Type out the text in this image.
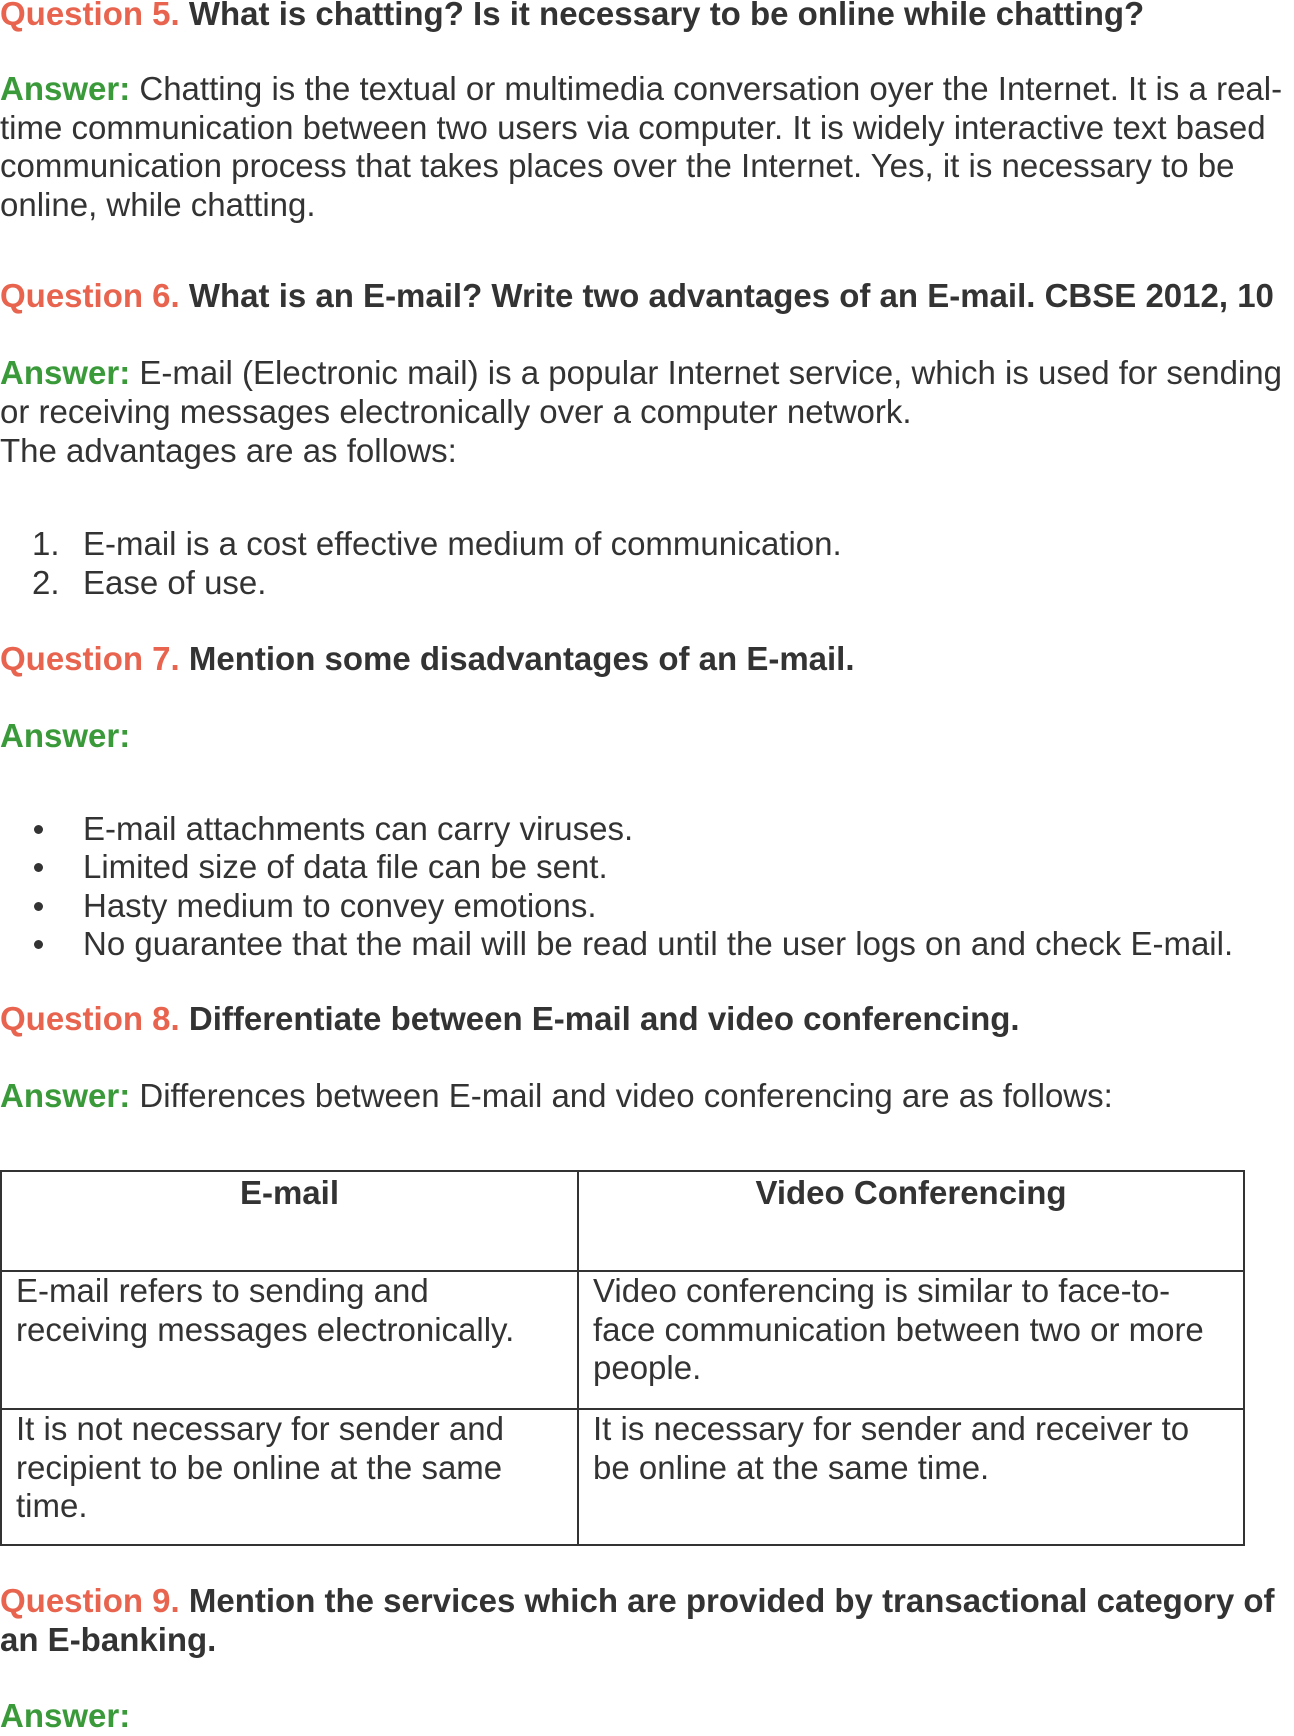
Question 5. What is chatting? Is it necessary to be online while chatting?

Answer: Chatting is the textual or multimedia conversation oyer the Internet. It is a real-time communication between two users via computer. It is widely interactive text based communication process that takes places over the Internet. Yes, it is necessary to be online, while chatting.

Question 6. What is an E-mail? Write two advantages of an E-mail. CBSE 2012, 10

Answer: E-mail (Electronic mail) is a popular Internet service, which is used for sending or receiving messages electronically over a computer network.

The advantages are as follows:

1. E-mail is a cost effective medium of communication.
2. Ease of use.

Question 7. Mention some disadvantages of an E-mail.

Answer:

E-mail attachments can carry viruses.
Limited size of data file can be sent.
Hasty medium to convey emotions.
No guarantee that the mail will be read until the user logs on and check E-mail.

Question 8. Differentiate between E-mail and video conferencing.

Answer: Differences between E-mail and video conferencing are as follows:

E-mail	Video Conferencing
E-mail refers to sending and receiving messages electronically.	Video conferencing is similar to face-to-face communication between two or more people.
It is not necessary for sender and recipient to be online at the same time.	It is necessary for sender and receiver to be online at the same time.

Question 9. Mention the services which are provided by transactional category of an E-banking.

Answer:
